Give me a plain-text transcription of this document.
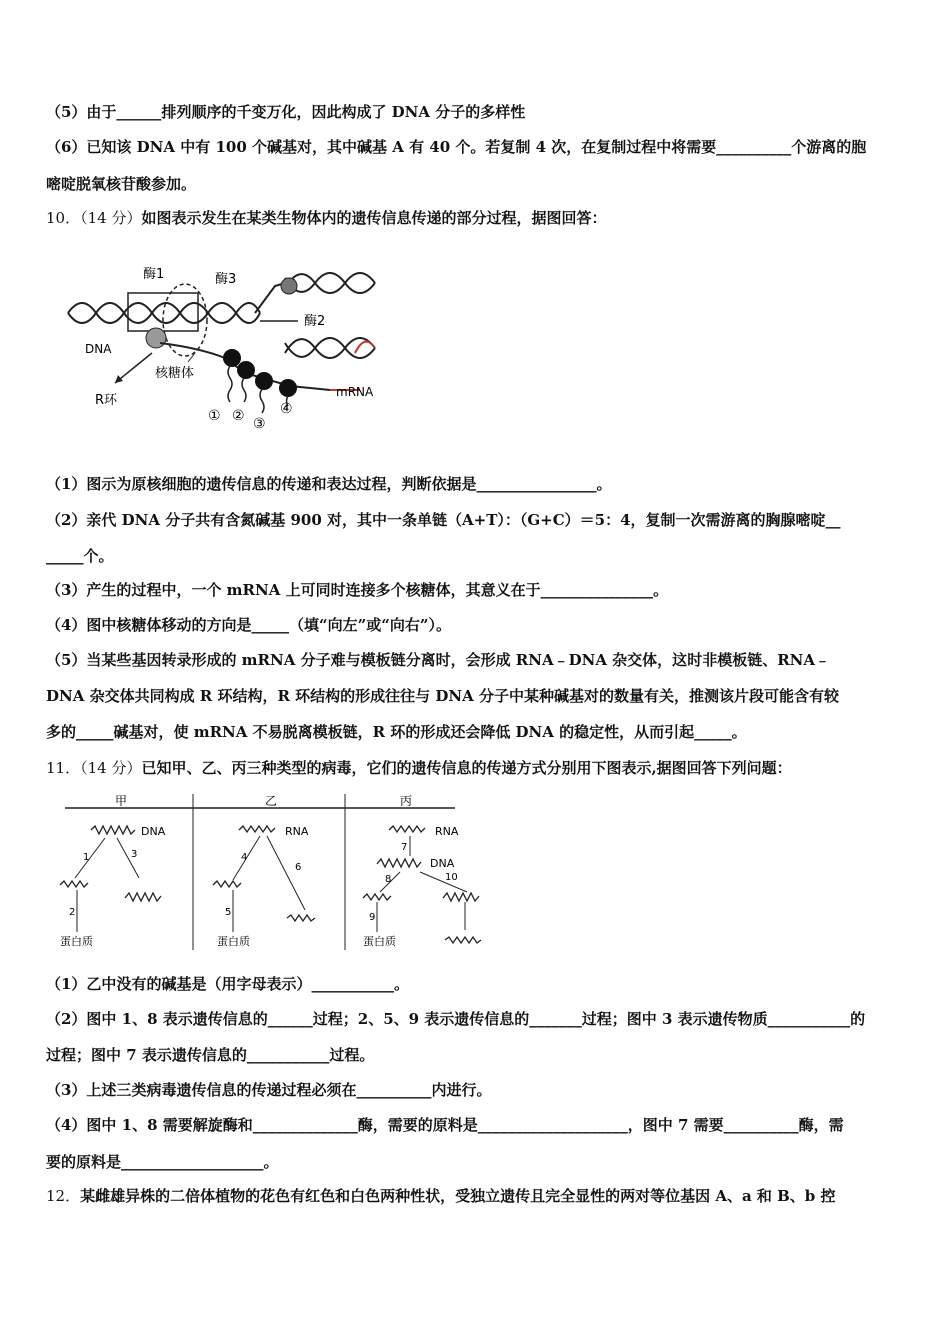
（5）由于______排列顺序的千变万化，因此构成了 DNA 分子的多样性
（6）已知该 DNA 中有 100 个碱基对，其中碱基 A 有 40 个。若复制 4 次，在复制过程中将需要__________个游离的胞
嘧啶脱氧核苷酸参加。
10．（14 分）如图表示发生在某类生物体内的遗传信息传递的部分过程，据图回答：
酶1	酶3
酶2
DNA
核糖体
R环
mRNA
① ② ③
④
（1）图示为原核细胞的遗传信息的传递和表达过程，判断依据是________________。
（2）亲代 DNA 分子共有含氮碱基 900 对，其中一条单链（A+T）：（G+C）＝5：4，复制一次需游离的胸腺嘧啶__
_____个。
（3）产生的过程中，一个 mRNA 上可同时连接多个核糖体，其意义在于_______________。
（4）图中核糖体移动的方向是_____（填“向左”或“向右”）。
（5）当某些基因转录形成的 mRNA 分子难与模板链分离时，会形成 RNA﹣DNA 杂交体，这时非模板链、RNA﹣
DNA 杂交体共同构成 R 环结构，R 环结构的形成往往与 DNA 分子中某种碱基对的数量有关，推测该片段可能含有较
多的_____碱基对，使 mRNA 不易脱离模板链，R 环的形成还会降低 DNA 的稳定性，从而引起_____。
11．（14 分）已知甲、乙、丙三种类型的病毒，它们的遗传信息的传递方式分别用下图表示,据图回答下列问题：
甲	乙	丙
DNA
1	3
2
蛋白质
RNA
4
6
5
蛋白质
RNA
7
DNA
8	10
9
蛋白质
（1）乙中没有的碱基是（用字母表示）___________。
（2）图中 1、8 表示遗传信息的______过程；2、5、9 表示遗传信息的_______过程；图中 3 表示遗传物质___________的
过程；图中 7 表示遗传信息的___________过程。
（3）上述三类病毒遗传信息的传递过程必须在__________内进行。
（4）图中 1、8 需要解旋酶和______________酶，需要的原料是____________________，图中 7 需要__________酶，需
要的原料是___________________。
12．某雌雄异株的二倍体植物的花色有红色和白色两种性状，受独立遗传且完全显性的两对等位基因 A、a 和 B、b 控
